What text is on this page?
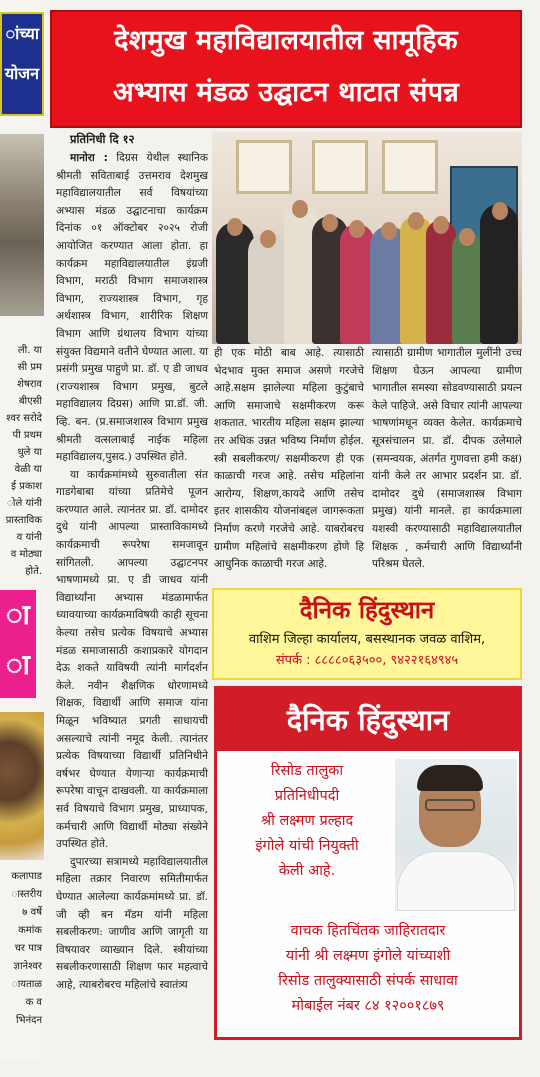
ांच्या
योजन
ली. या
सी प्रम
शेषराव
बीएसी
श्वर सरोदे
पी प्रथम
धुले या
वेळी या
ई प्रकाश
ोले यांनी
प्रास्ताविक
व यांनी
व मोठ्या
होते.
ा
ा
कलापाड
ास्तरीय
७ वर्षे
कमांक
चर पात्र
ज्ञानेश्वर
ायताळ
क व
भिनंदन
देशमुख महाविद्यालयातील सामूहिक
अभ्यास मंडळ उद्घाटन थाटात संपन्न
प्रतिनिधी दि १२

मानोरा : दिग्रस येथील स्थानिक श्रीमती सविताबाई उत्तमराव देशमुख महाविद्यालयातील सर्व विषयांच्या अभ्यास मंडळ उद्घाटनाचा कार्यक्रम दिनांक ०१ ऑक्टोबर २०२५ रोजी आयोजित करण्यात आला होता. हा कार्यक्रम महाविद्यालयातील इंग्रजी विभाग, मराठी विभाग समाजशास्त्र विभाग, राज्यशास्त्र विभाग, गृह अर्थशास्त्र विभाग, शारीरिक शिक्षण विभाग आणि ग्रंथालय विभाग यांच्या संयुक्त विद्यमाने वतीने घेण्यात आला. या प्रसंगी प्रमुख पाहुणे प्रा. डॉ. ए डी जाधव (राज्यशास्त्र विभाग प्रमुख, बुटले महाविद्यालय दिग्रस) आणि प्रा.डॉ. जी. व्हि. बन. (प्र.समाजशास्त्र विभाग प्रमुख श्रीमती वत्सलाबाई नाईक महिला महाविद्यालय,पुसद.) उपस्थित होते.

या कार्यक्रमांमध्ये सुरुवातीला संत गाडगेबाबा यांच्या प्रतिमेचे पूजन करण्यात आले. त्यानंतर प्रा. डॉ. दामोदर दुधे यांनी आपल्या प्रास्ताविकामध्ये कार्यक्रमाची रूपरेषा समजावून सांगितली. आपल्या उद्घाटनपर भाषणामध्ये प्रा. ए डी जाधव यांनी विद्यार्थ्यांना अभ्यास मंडळामार्फत ध्यावयाच्या कार्यक्रमाविषयी काही सूचना केल्या तसेच प्रत्येक विषयाचे अभ्यास मंडळ समाजासाठी कशाप्रकारे योगदान देऊ शकते याविषयी त्यांनी मार्गदर्शन केले. नवीन शैक्षणिक धोरणामध्ये शिक्षक, विद्यार्थी आणि समाज यांना मिळून भविष्यात प्रगती साधायची असल्याचे त्यांनी नमूद केली. त्यानंतर प्रत्येक विषयाच्या विद्यार्थी प्रतिनिधीने वर्षभर घेण्यात येणाऱ्या कार्यक्रमाची रूपरेषा वाचून दाखवली. या कार्यक्रमाला सर्व विषयाचे विभाग प्रमुख, प्राध्यापक, कर्मचारी आणि विद्यार्थी मोठ्या संख्येने उपस्थित होते.

दुपारच्या सत्रामध्ये महाविद्यालयातील महिला तक्रार निवारण समितीमार्फत घेण्यात आलेल्या कार्यक्रमांमध्ये प्रा. डॉ. जी व्ही बन मॅडम यांनी महिला सबलीकरण: जाणीव आणि जागृती या विषयावर व्याख्यान दिले. स्त्रीयांच्या सबलीकरणासाठी शिक्षण फार महत्वाचे आहे, त्याबरोबरच महिलांचे स्वातंत्र्य

ही एक मोठी बाब आहे. त्यासाठी भेदभाव मुक्त समाज असणे गरजेचे आहे.सक्षम झालेल्या महिला कुटुंबाचे आणि समाजाचे सक्षमीकरण करू शकतात. भारतीय महिला सक्षम झाल्या तर अधिक उन्नत भविष्य निर्माण होईल. स्त्री सबलीकरण/ सक्षमीकरण ही एक काळाची गरज आहे. तसेच महिलांना आरोग्य, शिक्षण,कायदे आणि तसेच इतर शासकीय योजनांबद्दल जागरूकता निर्माण करणे गरजेचे आहे. याबरोबरच ग्रामीण महिलांचे सक्षमीकरण होणे हि आधुनिक काळाची गरज आहे.
त्यासाठी ग्रामीण भागातील मुलींनी उच्च शिक्षण घेऊन आपल्या ग्रामीण भागातील समस्या सोडवण्यासाठी प्रयत्न केले पाहिजे. असे विचार त्यांनी आपल्या भाषणांमधून व्यक्त केलेत. कार्यक्रमाचे सूत्रसंचालन प्रा. डॉ. दीपक उलेमाले (समन्वयक, अंतर्गत गुणवत्ता हमी कक्ष) यांनी केले तर आभार प्रदर्शन प्रा. डॉ. दामोदर दुधे (समाजशास्त्र विभाग प्रमुख) यांनी मानले. हा कार्यक्रमाला यशस्वी करण्यासाठी महाविद्यालयातील शिक्षक , कर्मचारी आणि विद्यार्थ्यांनी परिश्रम घेतले.
दैनिक हिंदुस्थान
वाशिम जिल्हा कार्यालय, बसस्थानक जवळ वाशिम,
संपर्क : ८८८८०६३५००, ९४२२१६४९४५
दैनिक हिंदुस्थान
रिसोड तालुका
प्रतिनिधीपदी
श्री लक्ष्मण प्रल्हाद
इंगोले यांची नियुक्ती
केली आहे.
वाचक हितचिंतक जाहिरातदार
यांनी श्री लक्ष्मण इंगोले यांच्याशी
रिसोड तालुक्यासाठी संपर्क साधावा
मोबाईल नंबर ८४ १२००१८७९
